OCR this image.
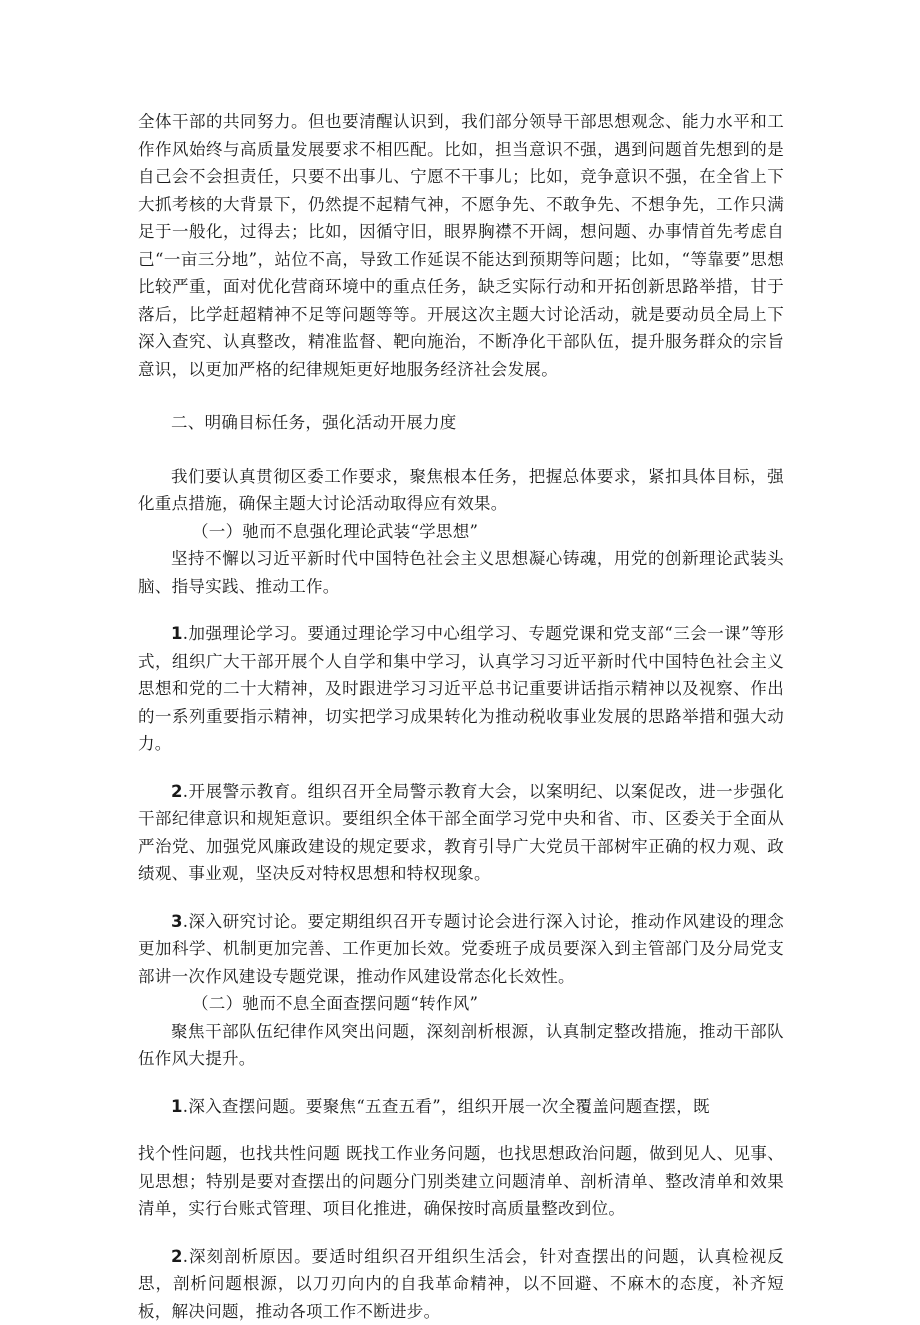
全体干部的共同努力。但也要清醒认识到，我们部分领导干部思想观念、能力水平和工作作风始终与高质量发展要求不相匹配。比如，担当意识不强，遇到问题首先想到的是自己会不会担责任，只要不出事儿、宁愿不干事儿；比如，竞争意识不强，在全省上下大抓考核的大背景下，仍然提不起精气神，不愿争先、不敢争先、不想争先，工作只满足于一般化，过得去；比如，因循守旧，眼界胸襟不开阔，想问题、办事情首先考虑自己“一亩三分地”，站位不高，导致工作延误不能达到预期等问题；比如，“等靠要”思想比较严重，面对优化营商环境中的重点任务，缺乏实际行动和开拓创新思路举措，甘于落后，比学赶超精神不足等问题等等。开展这次主题大讨论活动，就是要动员全局上下深入查究、认真整改，精准监督、靶向施治，不断净化干部队伍，提升服务群众的宗旨意识，以更加严格的纪律规矩更好地服务经济社会发展。

二、明确目标任务，强化活动开展力度

我们要认真贯彻区委工作要求，聚焦根本任务，把握总体要求，紧扣具体目标，强化重点措施，确保主题大讨论活动取得应有效果。

（一）驰而不息强化理论武装“学思想”

坚持不懈以习近平新时代中国特色社会主义思想凝心铸魂，用党的创新理论武装头脑、指导实践、推动工作。

1.加强理论学习。要通过理论学习中心组学习、专题党课和党支部“三会一课”等形式，组织广大干部开展个人自学和集中学习，认真学习习近平新时代中国特色社会主义思想和党的二十大精神，及时跟进学习习近平总书记重要讲话指示精神以及视察、作出的一系列重要指示精神，切实把学习成果转化为推动税收事业发展的思路举措和强大动力。

2.开展警示教育。组织召开全局警示教育大会，以案明纪、以案促改，进一步强化干部纪律意识和规矩意识。要组织全体干部全面学习党中央和省、市、区委关于全面从严治党、加强党风廉政建设的规定要求，教育引导广大党员干部树牢正确的权力观、政绩观、事业观，坚决反对特权思想和特权现象。

3.深入研究讨论。要定期组织召开专题讨论会进行深入讨论，推动作风建设的理念更加科学、机制更加完善、工作更加长效。党委班子成员要深入到主管部门及分局党支部讲一次作风建设专题党课，推动作风建设常态化长效性。

（二）驰而不息全面查摆问题“转作风”

聚焦干部队伍纪律作风突出问题，深刻剖析根源，认真制定整改措施，推动干部队伍作风大提升。

1.深入查摆问题。要聚焦“五查五看”，组织开展一次全覆盖问题查摆，既

找个性问题，也找共性问题 既找工作业务问题，也找思想政治问题，做到见人、见事、见思想；特别是要对查摆出的问题分门别类建立问题清单、剖析清单、整改清单和效果清单，实行台账式管理、项目化推进，确保按时高质量整改到位。

2.深刻剖析原因。要适时组织召开组织生活会，针对查摆出的问题，认真检视反思，剖析问题根源，以刀刃向内的自我革命精神，以不回避、不麻木的态度，补齐短板，解决问题，推动各项工作不断进步。
